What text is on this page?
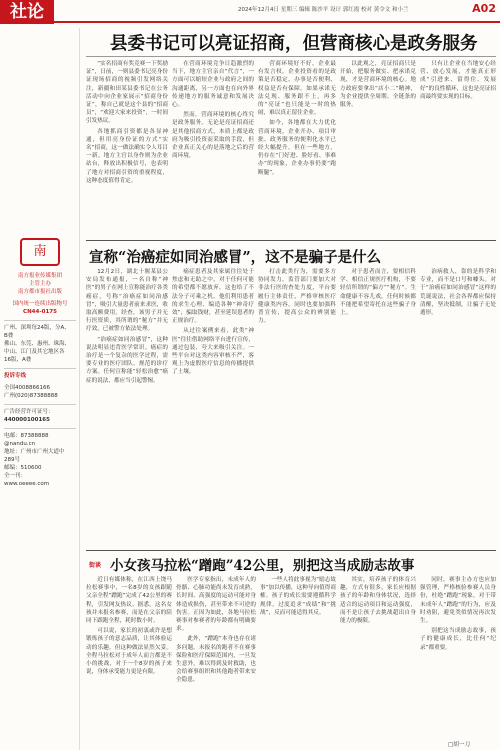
社论	2024年12月4日 星期三 编辑 陈沙平 设计 郭红霞 校对 黄令文 和小兰	A02
南
南方报业传媒集团
主管主办
南方都市报社出版
国内统一连续出版物号
CN44-0175
广州、深圳每24版，分A、
B叠
佛山、东莞、惠州、珠海、
中山、江门及其它地区各
16版、A叠
投诉专线
全国4008866166
广州(020)87388888
广告经营许可证号：
440000100165
电邮：87388888
@nandu.cn
地址：广州市广州大道中
289号
邮编：510600
全一刊：
www.oeeee.com
县委书记可以亮证招商，但营商核心是政务服务

“实名招商有奖竞赛一下奖励证”，日前，一则县委书记亮身份证现场招商的视频引发网络关注，新疆和田某县委书记在公务活动中向企业家展示“招商身份证”，称自己就是这个县的“招商员”，“欢迎大家来投资”，一时间引发热议。

各地抓商引资都是各显神通，但用亮身份证的方式“实名”招商，这一做法确实令人耳目一新。地方主官以身作则为企业站台，释放出积极信号，也表明了地方对招商引资的重视程度，这种态度值得肯定。

在营商环境竞争日趋激烈的当下，地方主官亲自“代言”，一方面可以缩短企业与政府之间的沟通距离，另一方面也在向外界传递地方的服务诚意和发展决心。

然而，营商环境的核心终究是政务服务。无论是亮证招商还是其他招商方式，本质上都是政府为吸引投资而采取的手段，但企业真正关心的是落地之后的营商环境。

营商环境好不好，企业最有发言权。企业投资看的是政策是否稳定、办事是否便利、权益是否有保障。如果承诺无法兑现、服务跟不上，再多的“亮证”也只能是一时的热闹，难以真正留住企业。

如今，各地都在大力优化营商环境，企业开办、项目审批、政务服务的便利化水平已经大幅提升。但在一些地方，仍存在“门好进、脸好看、事难办”的现象，企业办事仍要“跑断腿”。

以此观之，亮证招商只是开始，把服务做实、把承诺兑现，才是营商环境的核心。地方政府要拿出“店小二”精神，为企业提供全周期、全链条的服务。

只有让企业在当地安心经营、放心发展，才能真正形成“引进来、留得住、发展好”的良性循环，这也是亮证招商最终要实现的目标。

宣称“治癌症如同治感冒”，这不是骗子是什么

12月2日，湖北十堰某县公安局发布通报，一名自称“神医”的男子在网上宣称能治疗各类癌症，号称“治癌症如同治感冒”，吸引大量患者前来求医，收取高额费用。经查，该男子并无行医资质，其所谓的“秘方”并无疗效，已被警方依法处理。

“治癌症如同治感冒”，这种说法明显违背医学常识。癌症的治疗是一个复杂的医学过程，需要专业的医疗团队、规范的诊疗方案。任何宣称能“轻松治愈”癌症的说法，都应当引起警惕。

癌症患者及其家属往往处于焦虑和无助之中，对于任何可能的希望都不愿放弃，这也给了不法分子可乘之机。他们利用患者的求生心理，编造各种“神奇疗效”，骗取钱财，甚至延误患者的正规治疗。

从过往案例来看，此类“神医”往往借助网络平台进行宣传，通过包装、夸大来吸引关注。一些平台对这类内容审核不严，客观上为虚假医疗信息的传播提供了土壤。

打击此类行为，需要多方协同发力。监管部门要加大对非法行医的查处力度，平台要履行主体责任，严格审核医疗健康类内容，同时也要加强科普宣传，提高公众的辨别能力。

对于患者而言，要相信科学、相信正规医疗机构，不要轻信所谓的“偏方”“秘方”。生命健康不容儿戏，任何时候都不能把希望寄托在这些骗子身上。

治病救人，靠的是科学和专业，而不是口号和噱头。对于“治癌症如同治感冒”这样的荒诞说法，社会各界都应保持清醒，坚决抵制，让骗子无处遁形。

街谈 小女孩马拉松“蹭跑”42公里，别把这当成励志故事

近日有媒体称，在江西上饶马拉松赛事中，一名8岁的女孩跟随父亲全程“蹭跑”完成了42公里的赛程，引发网友热议。据悉，这名女孩并未报名参赛，而是在父亲的陪同下跟跑全程，耗时数小时。

可以说，家长的初衷或许是想锻炼孩子的意志品质，让其体验运动的乐趣。但这种做法显然欠妥。全程马拉松对于成年人而言都是不小的挑战，对于一个8岁的孩子来说，身体承受能力更是有限。

医学专家指出，未成年人的骨骼、心肺功能尚未发育成熟，长时间、高强度的运动可能对身体造成损伤，甚至带来不可逆的伤害。正因为如此，各地马拉松赛事对参赛者的年龄都有明确要求。

此外，“蹭跑”本身也存在诸多问题。未报名的跑者不在赛事保险和医疗保障范围内，一旦发生意外，难以得到及时救助，也会给赛事组织和其他跑者带来安全隐患。

一些人将此事视为“励志故事”加以传播，这种导向值得商榷。孩子的成长需要遵循科学规律，过度追求“成绩”和“挑战”，反而可能适得其反。

其实，培养孩子的体育兴趣，方式有很多。家长应根据孩子的年龄和身体状况，选择适合的运动项目和运动强度，而不是让孩子去挑战超出自身能力的极限。

同时，赛事主办方也应加强管理，严格核验参赛人员身份，杜绝“蹭跑”现象。对于带未成年人“蹭跑”的行为，应及时劝阻，避免类似情况再次发生。

别把这当成励志故事，孩子的健康成长，比任何“纪录”都重要。

□胡一刀
